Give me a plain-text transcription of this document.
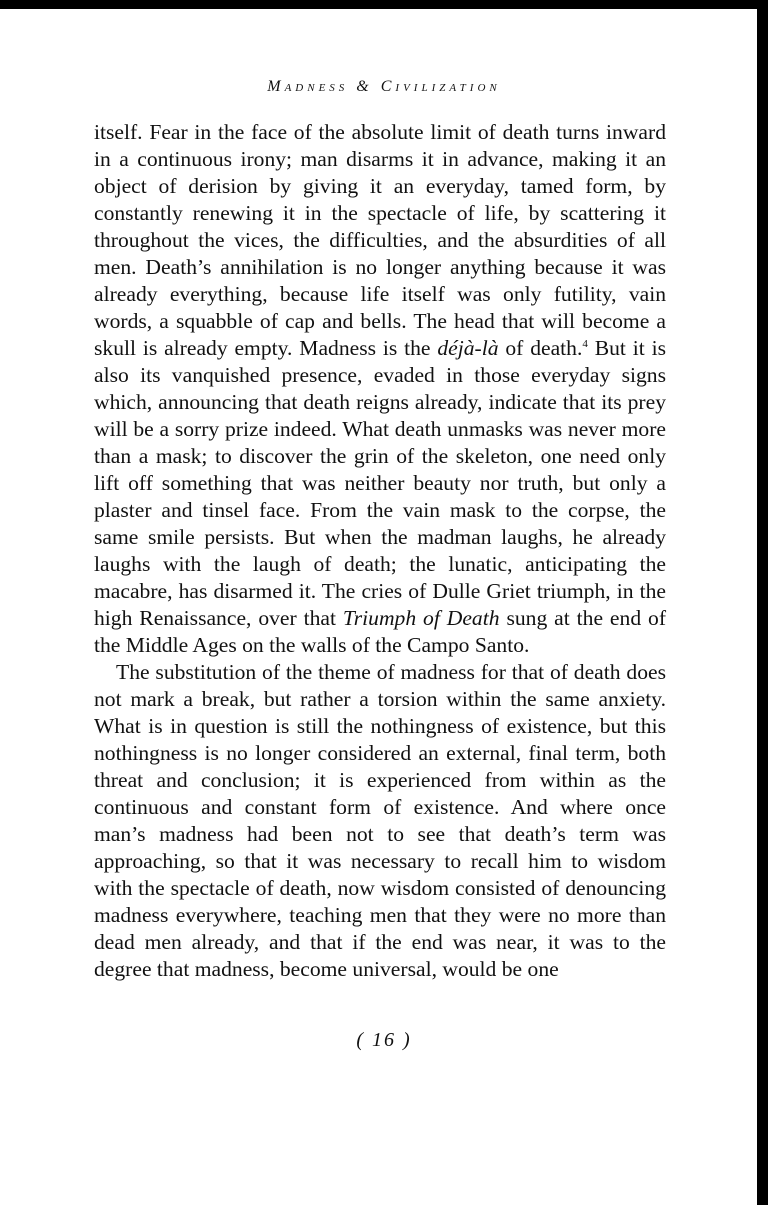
Madness & Civilization

itself. Fear in the face of the absolute limit of death turns inward in a continuous irony; man disarms it in advance, making it an object of derision by giving it an everyday, tamed form, by constantly renewing it in the spectacle of life, by scattering it throughout the vices, the difficulties, and the absurdities of all men. Death’s annihilation is no longer anything because it was already everything, because life itself was only futility, vain words, a squabble of cap and bells. The head that will become a skull is already empty. Madness is the déjà-là of death.$^4$ But it is also its vanquished presence, evaded in those everyday signs which, announcing that death reigns already, indicate that its prey will be a sorry prize indeed. What death unmasks was never more than a mask; to discover the grin of the skeleton, one need only lift off something that was neither beauty nor truth, but only a plaster and tinsel face. From the vain mask to the corpse, the same smile persists. But when the madman laughs, he already laughs with the laugh of death; the lunatic, anticipating the macabre, has disarmed it. The cries of Dulle Griet triumph, in the high Renaissance, over that Triumph of Death sung at the end of the Middle Ages on the walls of the Campo Santo.

The substitution of the theme of madness for that of death does not mark a break, but rather a torsion within the same anxiety. What is in question is still the nothingness of existence, but this nothingness is no longer considered an external, final term, both threat and conclusion; it is experienced from within as the continuous and constant form of existence. And where once man’s madness had been not to see that death’s term was approaching, so that it was necessary to recall him to wisdom with the spectacle of death, now wisdom consisted of denouncing madness everywhere, teaching men that they were no more than dead men already, and that if the end was near, it was to the degree that madness, become universal, would be one

( 16 )
